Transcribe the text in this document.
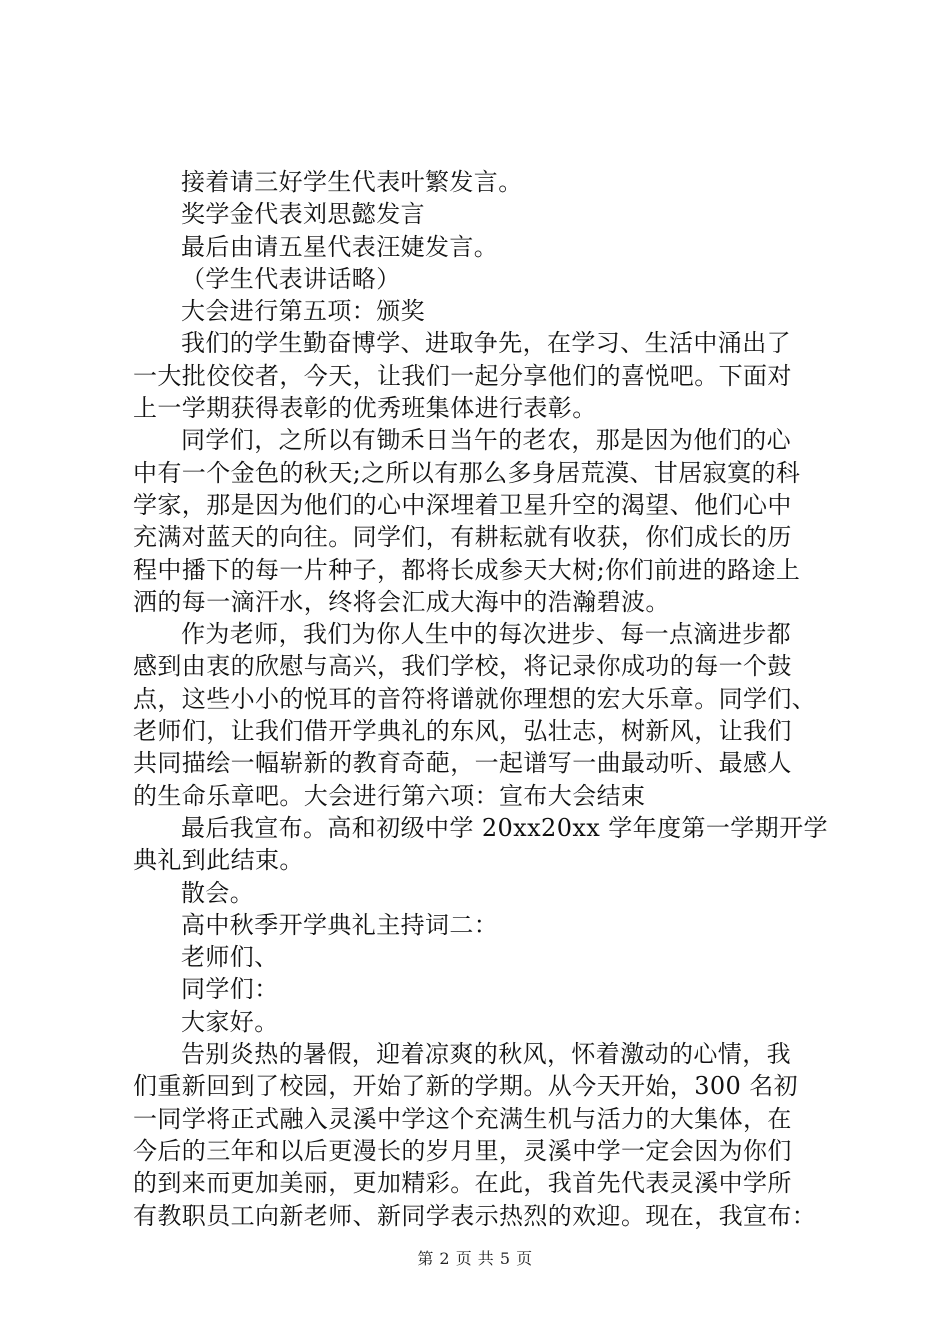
接着请三好学生代表叶繁发言。
奖学金代表刘思懿发言
最后由请五星代表汪婕发言。
（学生代表讲话略）
大会进行第五项：颁奖
我们的学生勤奋博学、进取争先，在学习、生活中涌出了
一大批佼佼者，今天，让我们一起分享他们的喜悦吧。下面对
上一学期获得表彰的优秀班集体进行表彰。
同学们，之所以有锄禾日当午的老农，那是因为他们的心
中有一个金色的秋天;之所以有那么多身居荒漠、甘居寂寞的科
学家，那是因为他们的心中深埋着卫星升空的渴望、他们心中
充满对蓝天的向往。同学们，有耕耘就有收获，你们成长的历
程中播下的每一片种子，都将长成参天大树;你们前进的路途上
洒的每一滴汗水，终将会汇成大海中的浩瀚碧波。
作为老师，我们为你人生中的每次进步、每一点滴进步都
感到由衷的欣慰与高兴，我们学校，将记录你成功的每一个鼓
点，这些小小的悦耳的音符将谱就你理想的宏大乐章。同学们、
老师们，让我们借开学典礼的东风，弘壮志，树新风，让我们
共同描绘一幅崭新的教育奇葩，一起谱写一曲最动听、最感人
的生命乐章吧。大会进行第六项：宣布大会结束
最后我宣布。高和初级中学 20xx20xx 学年度第一学期开学
典礼到此结束。
散会。
高中秋季开学典礼主持词二：
老师们、
同学们：
大家好。
告别炎热的暑假，迎着凉爽的秋风，怀着激动的心情，我
们重新回到了校园，开始了新的学期。从今天开始，300 名初
一同学将正式融入灵溪中学这个充满生机与活力的大集体，在
今后的三年和以后更漫长的岁月里，灵溪中学一定会因为你们
的到来而更加美丽，更加精彩。在此，我首先代表灵溪中学所
有教职员工向新老师、新同学表示热烈的欢迎。现在，我宣布：
第 2 页 共 5 页
